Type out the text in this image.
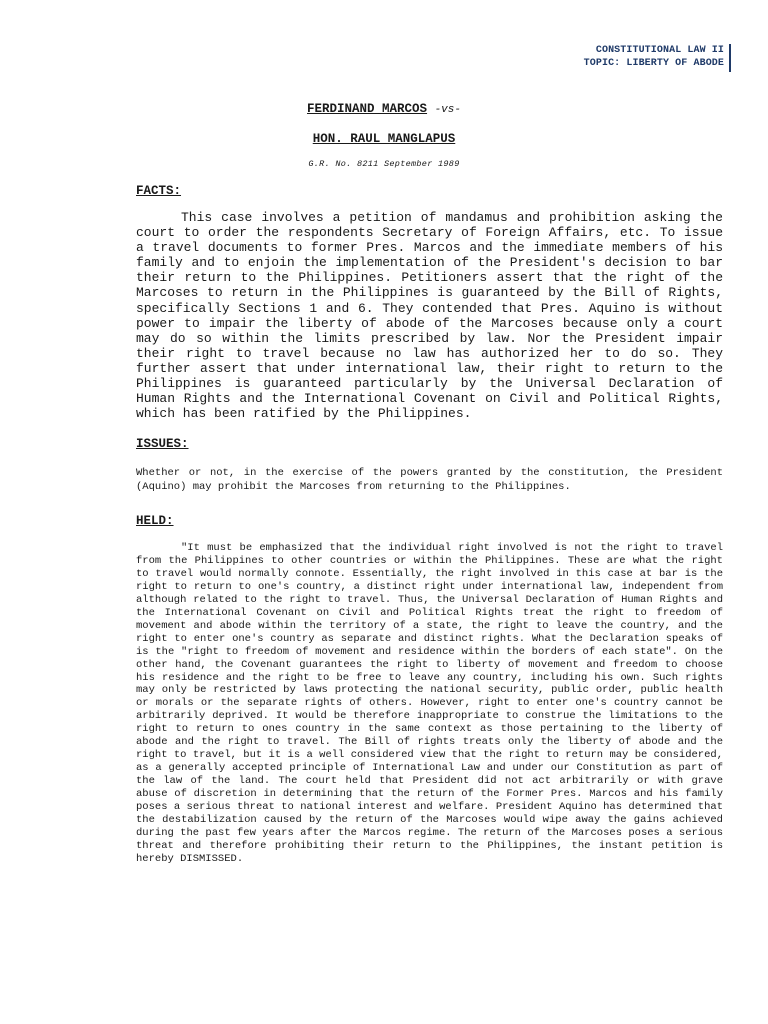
CONSTITUTIONAL LAW II
TOPIC: LIBERTY OF ABODE
FERDINAND MARCOS -vs-
HON. RAUL MANGLAPUS
G.R. No. 8211 September 1989
FACTS:

This case involves a petition of mandamus and prohibition asking the court to order the respondents Secretary of Foreign Affairs, etc. To issue a travel documents to former Pres. Marcos and the immediate members of his family and to enjoin the implementation of the President's decision to bar their return to the Philippines. Petitioners assert that the right of the Marcoses to return in the Philippines is guaranteed by the Bill of Rights, specifically Sections 1 and 6. They contended that Pres. Aquino is without power to impair the liberty of abode of the Marcoses because only a court may do so within the limits prescribed by law. Nor the President impair their right to travel because no law has authorized her to do so. They further assert that under international law, their right to return to the Philippines is guaranteed particularly by the Universal Declaration of Human Rights and the International Covenant on Civil and Political Rights, which has been ratified by the Philippines.

ISSUES:

Whether or not, in the exercise of the powers granted by the constitution, the President (Aquino) may prohibit the Marcoses from returning to the Philippines.

HELD:

"It must be emphasized that the individual right involved is not the right to travel from the Philippines to other countries or within the Philippines. These are what the right to travel would normally connote. Essentially, the right involved in this case at bar is the right to return to one's country, a distinct right under international law, independent from although related to the right to travel. Thus, the Universal Declaration of Human Rights and the International Covenant on Civil and Political Rights treat the right to freedom of movement and abode within the territory of a state, the right to leave the country, and the right to enter one's country as separate and distinct rights. What the Declaration speaks of is the "right to freedom of movement and residence within the borders of each state". On the other hand, the Covenant guarantees the right to liberty of movement and freedom to choose his residence and the right to be free to leave any country, including his own. Such rights may only be restricted by laws protecting the national security, public order, public health or morals or the separate rights of others. However, right to enter one's country cannot be arbitrarily deprived. It would be therefore inappropriate to construe the limitations to the right to return to ones country in the same context as those pertaining to the liberty of abode and the right to travel. The Bill of rights treats only the liberty of abode and the right to travel, but it is a well considered view that the right to return may be considered, as a generally accepted principle of International Law and under our Constitution as part of the law of the land. The court held that President did not act arbitrarily or with grave abuse of discretion in determining that the return of the Former Pres. Marcos and his family poses a serious threat to national interest and welfare. President Aquino has determined that the destabilization caused by the return of the Marcoses would wipe away the gains achieved during the past few years after the Marcos regime. The return of the Marcoses poses a serious threat and therefore prohibiting their return to the Philippines, the instant petition is hereby DISMISSED.
